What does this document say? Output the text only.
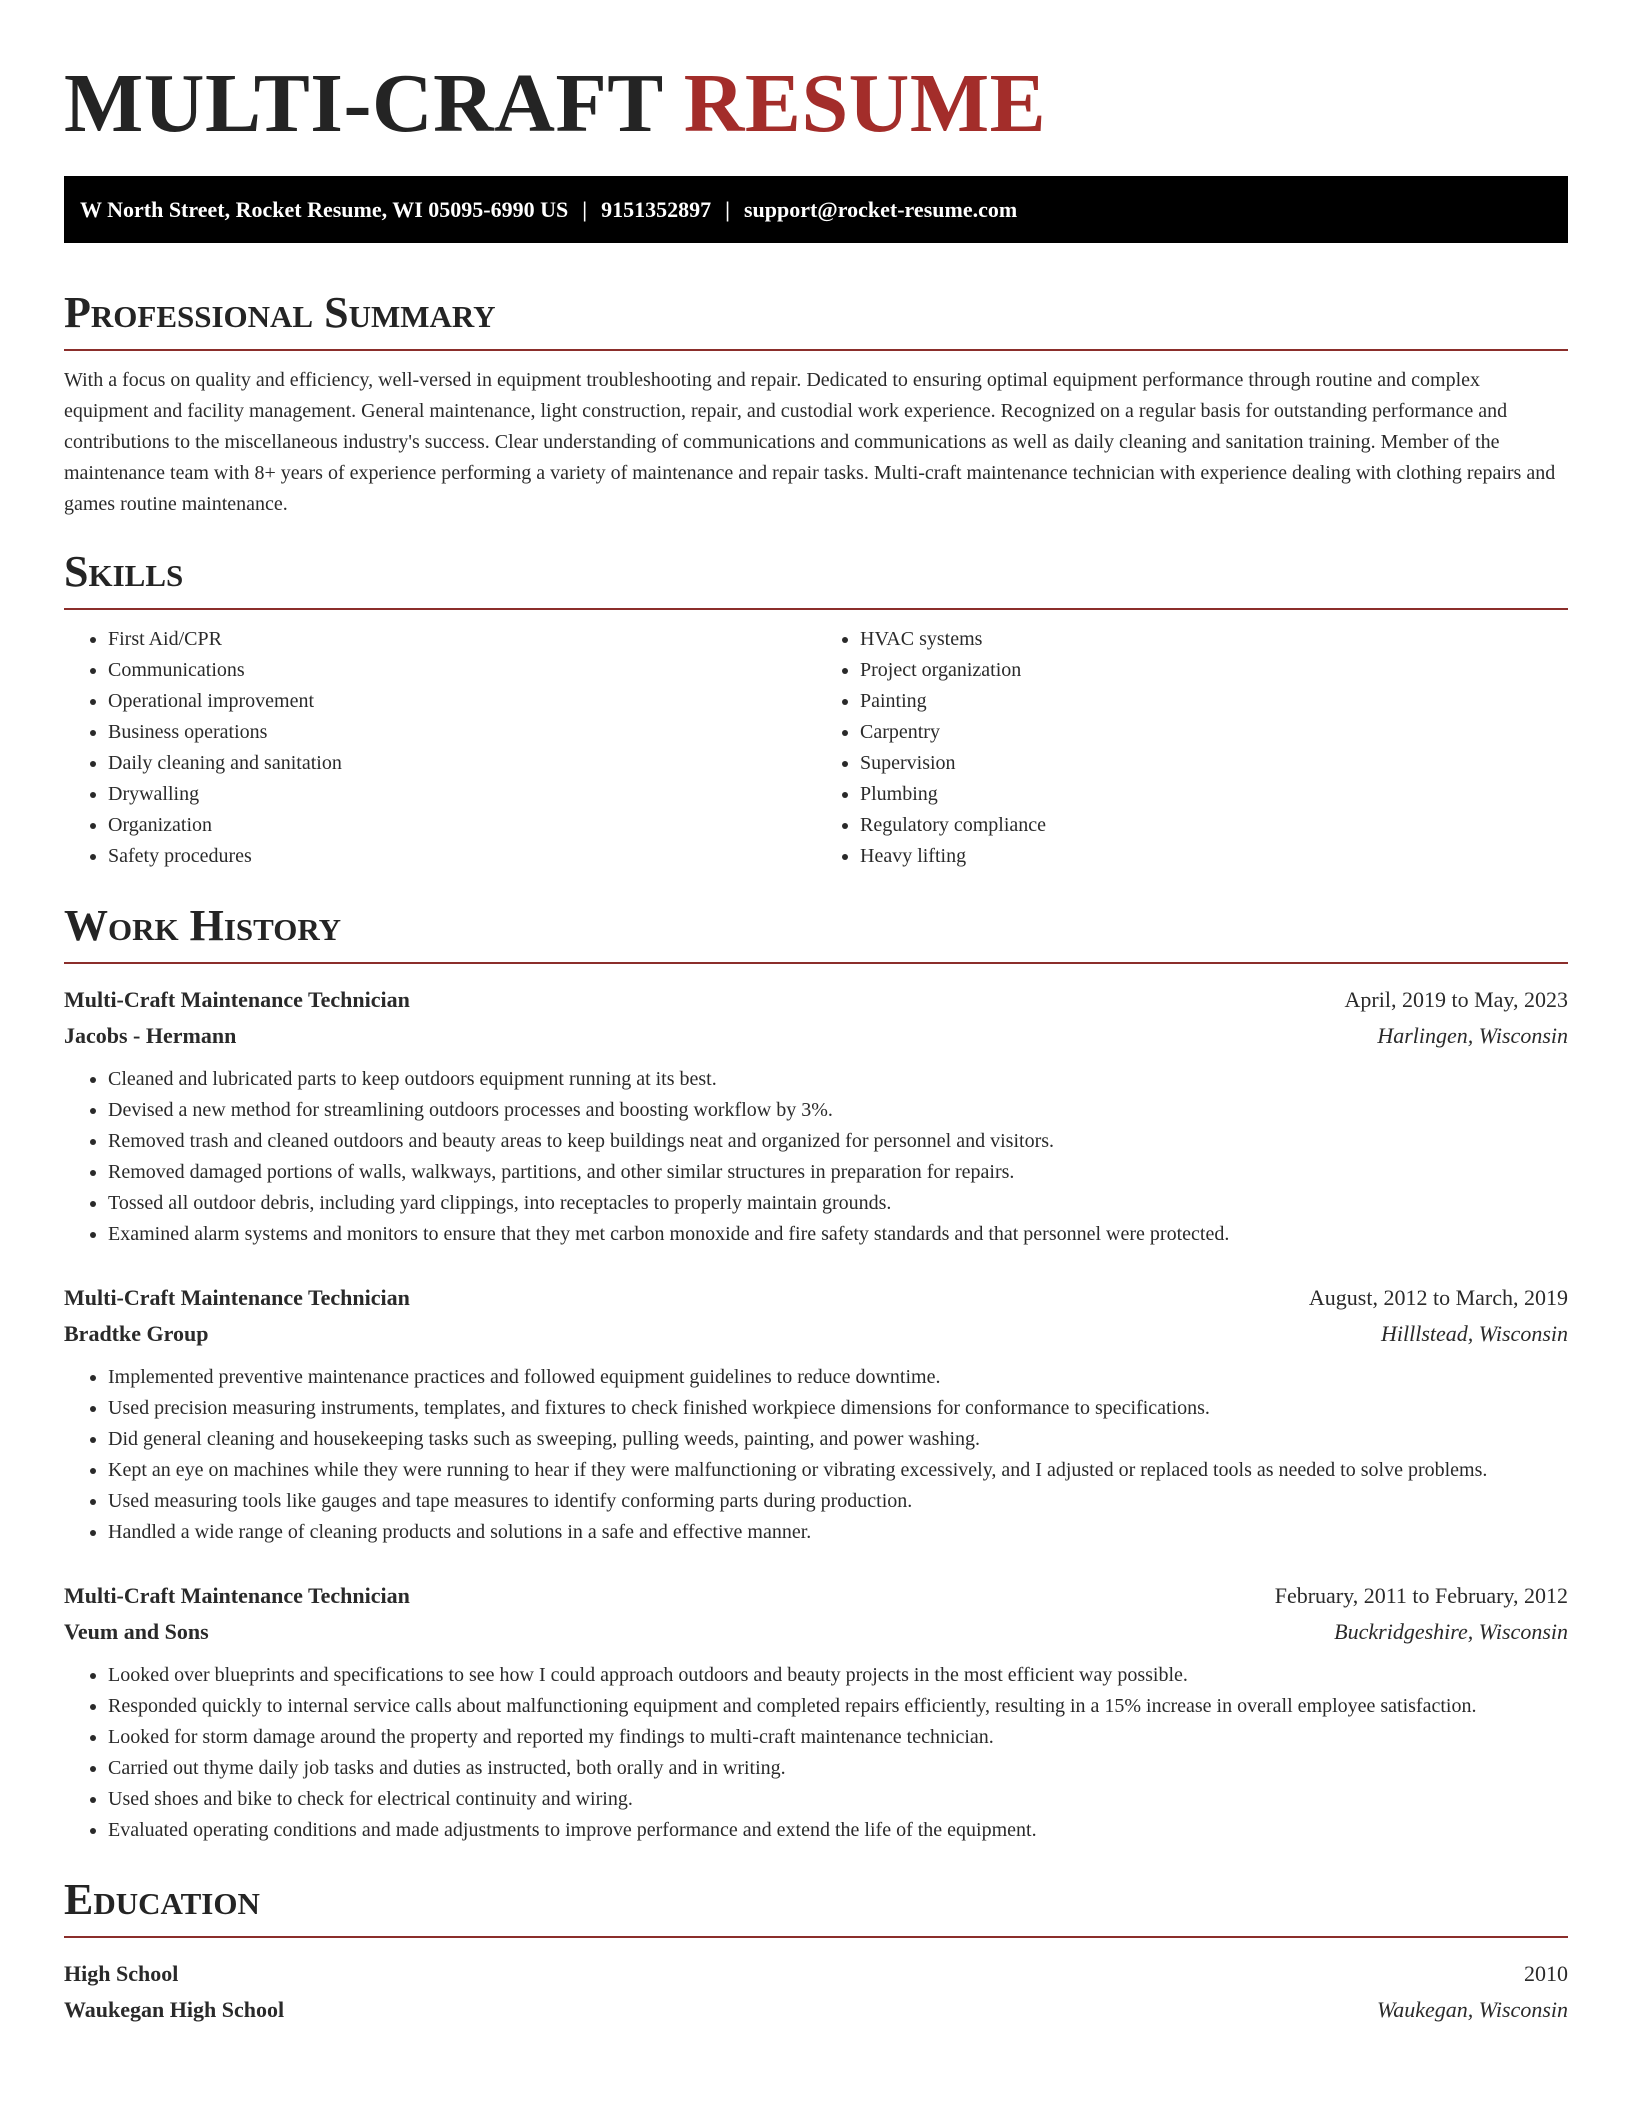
MULTI-CRAFT RESUME
W North Street, Rocket Resume, WI 05095-6990 US | 9151352897 | support@rocket-resume.com
Professional Summary

With a focus on quality and efficiency, well-versed in equipment troubleshooting and repair. Dedicated to ensuring optimal equipment performance through routine and complex equipment and facility management. General maintenance, light construction, repair, and custodial work experience. Recognized on a regular basis for outstanding performance and contributions to the miscellaneous industry's success. Clear understanding of communications and communications as well as daily cleaning and sanitation training. Member of the maintenance team with 8+ years of experience performing a variety of maintenance and repair tasks. Multi-craft maintenance technician with experience dealing with clothing repairs and games routine maintenance.

Skills
• First Aid/CPR
• Communications
• Operational improvement
• Business operations
• Daily cleaning and sanitation
• Drywalling
• Organization
• Safety procedures
• HVAC systems
• Project organization
• Painting
• Carpentry
• Supervision
• Plumbing
• Regulatory compliance
• Heavy lifting
Work History
Multi-Craft Maintenance Technician	April, 2019 to May, 2023
Jacobs - Hermann	Harlingen, Wisconsin
• Cleaned and lubricated parts to keep outdoors equipment running at its best.
• Devised a new method for streamlining outdoors processes and boosting workflow by 3%.
• Removed trash and cleaned outdoors and beauty areas to keep buildings neat and organized for personnel and visitors.
• Removed damaged portions of walls, walkways, partitions, and other similar structures in preparation for repairs.
• Tossed all outdoor debris, including yard clippings, into receptacles to properly maintain grounds.
• Examined alarm systems and monitors to ensure that they met carbon monoxide and fire safety standards and that personnel were protected.
Multi-Craft Maintenance Technician	August, 2012 to March, 2019
Bradtke Group	Hilllstead, Wisconsin
• Implemented preventive maintenance practices and followed equipment guidelines to reduce downtime.
• Used precision measuring instruments, templates, and fixtures to check finished workpiece dimensions for conformance to specifications.
• Did general cleaning and housekeeping tasks such as sweeping, pulling weeds, painting, and power washing.
• Kept an eye on machines while they were running to hear if they were malfunctioning or vibrating excessively, and I adjusted or replaced tools as needed to solve problems.
• Used measuring tools like gauges and tape measures to identify conforming parts during production.
• Handled a wide range of cleaning products and solutions in a safe and effective manner.
Multi-Craft Maintenance Technician	February, 2011 to February, 2012
Veum and Sons	Buckridgeshire, Wisconsin
• Looked over blueprints and specifications to see how I could approach outdoors and beauty projects in the most efficient way possible.
• Responded quickly to internal service calls about malfunctioning equipment and completed repairs efficiently, resulting in a 15% increase in overall employee satisfaction.
• Looked for storm damage around the property and reported my findings to multi-craft maintenance technician.
• Carried out thyme daily job tasks and duties as instructed, both orally and in writing.
• Used shoes and bike to check for electrical continuity and wiring.
• Evaluated operating conditions and made adjustments to improve performance and extend the life of the equipment.
Education
High School	2010
Waukegan High School	Waukegan, Wisconsin
